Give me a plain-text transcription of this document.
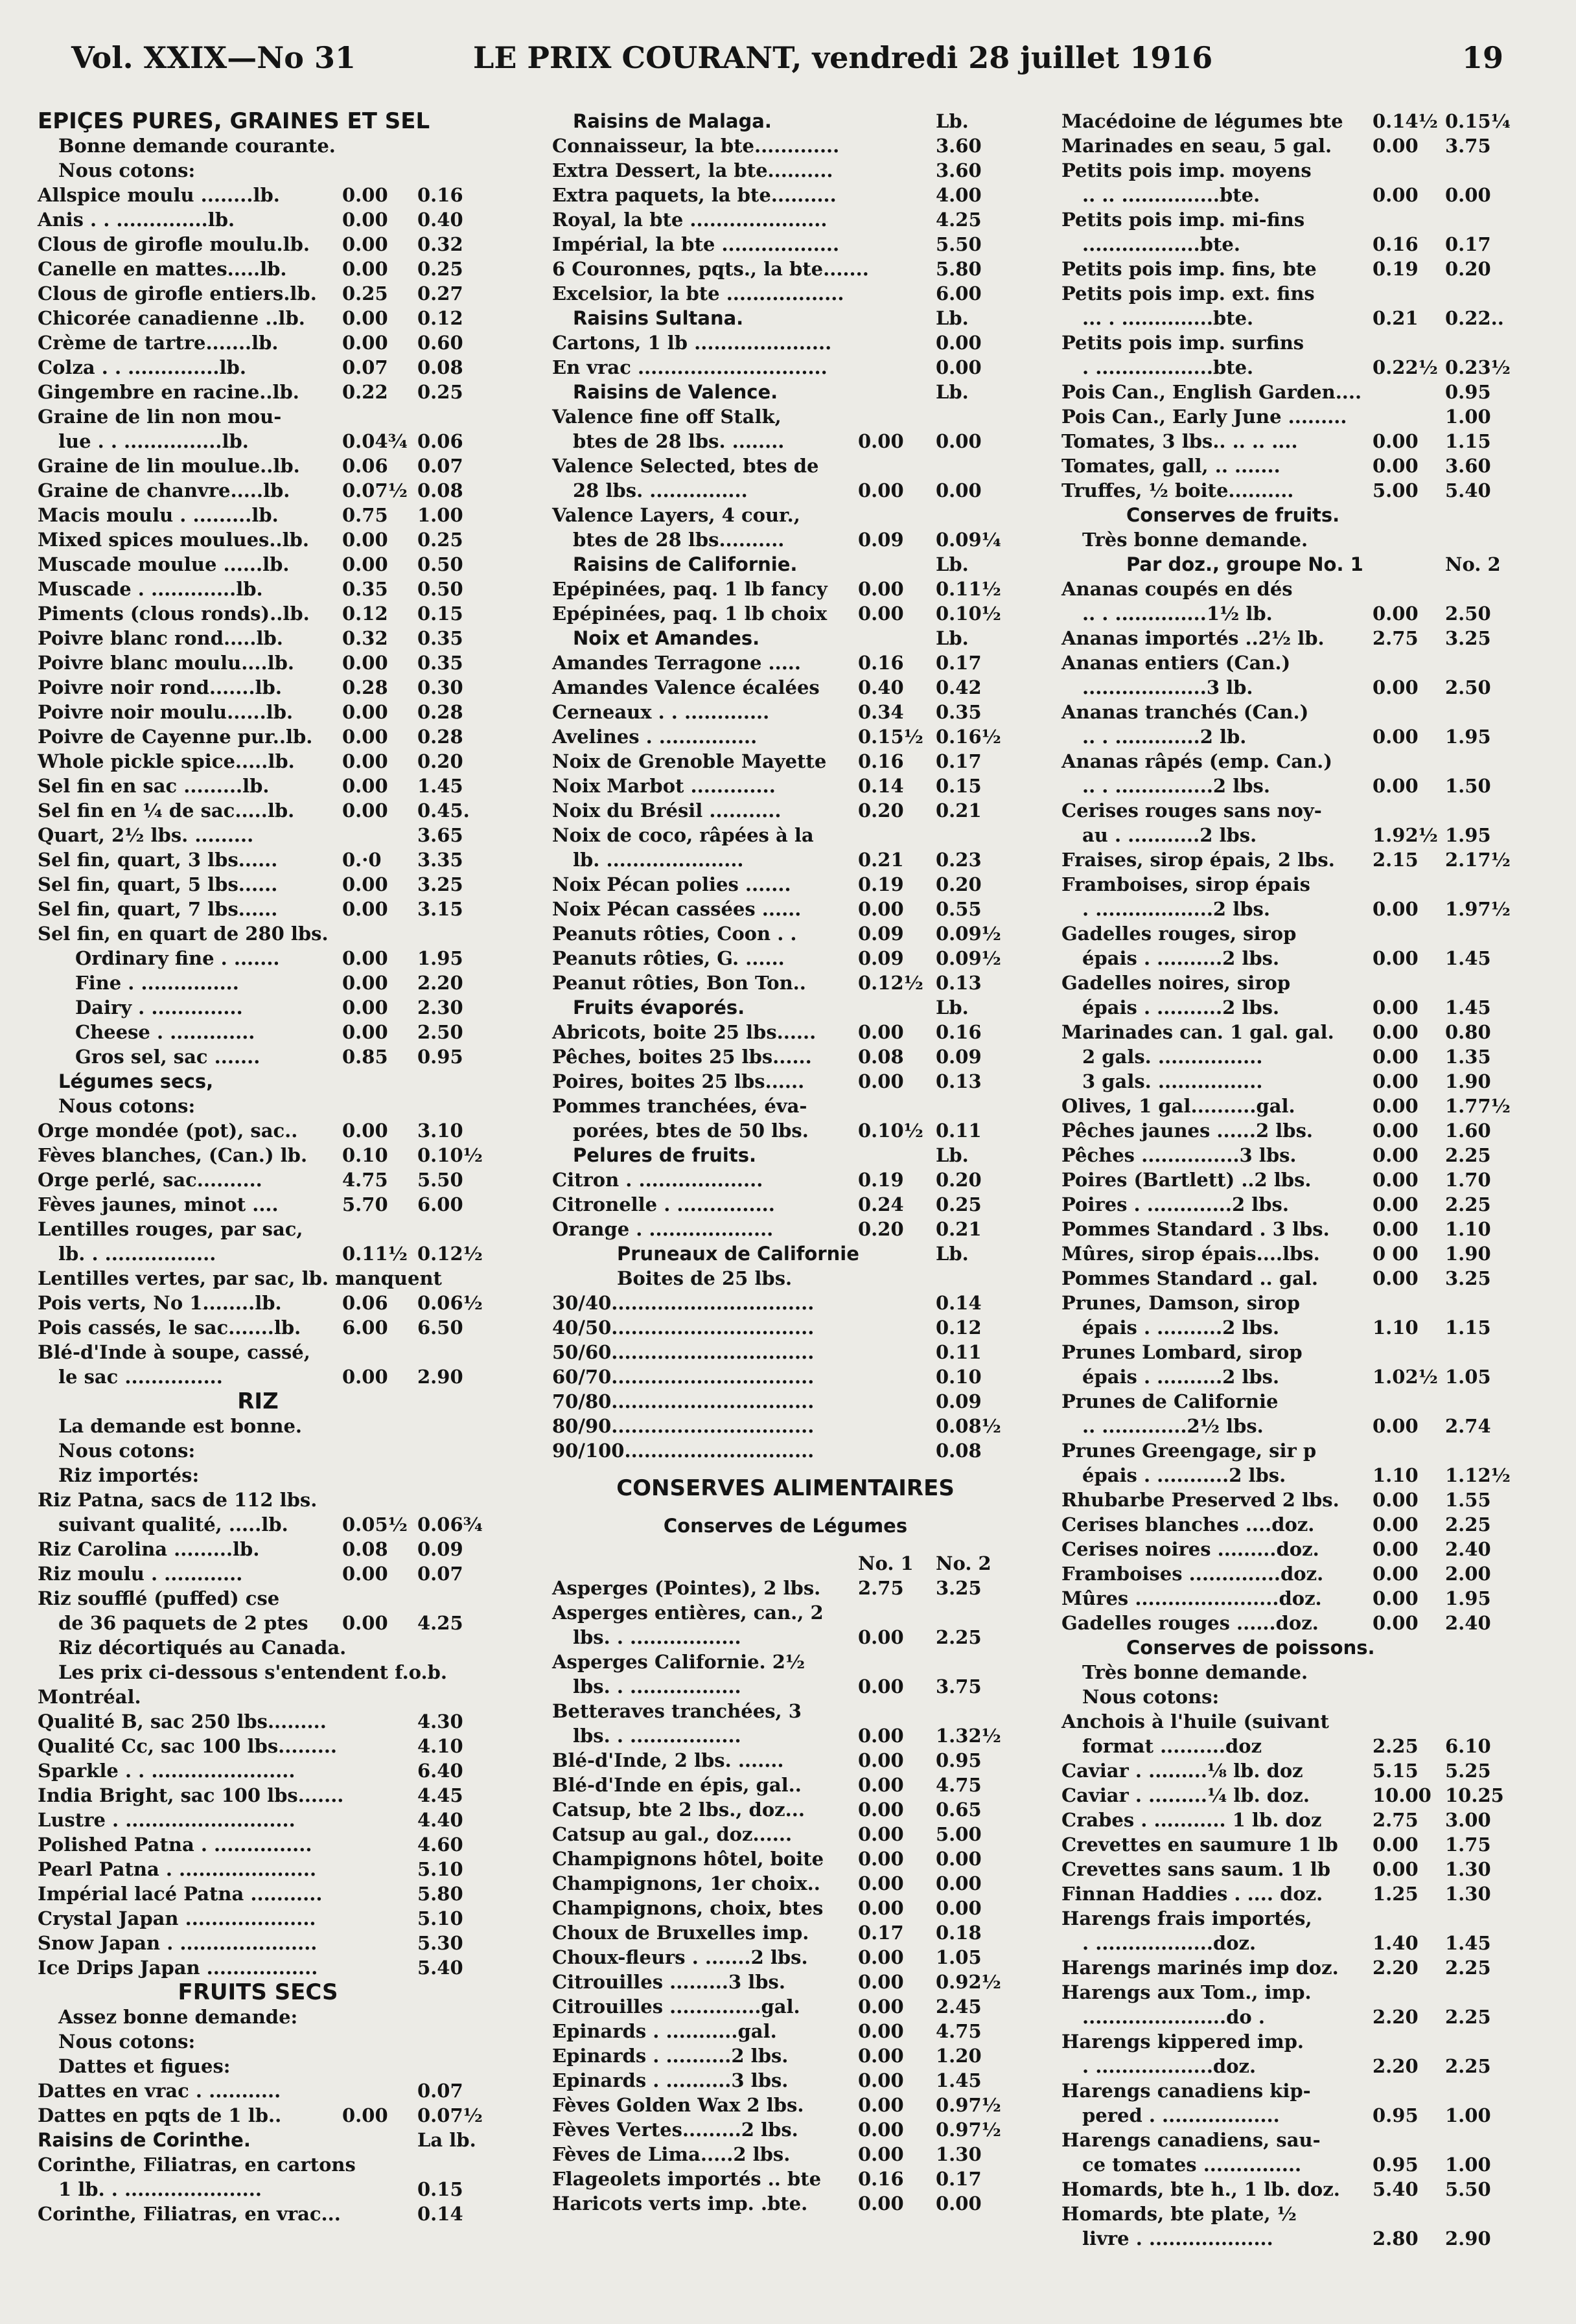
Vol. XXIX—No 31	LE PRIX COURANT, vendredi 28 juillet 1916	19
EPIÇES PURES, GRAINES ET SEL
Bonne demande courante.
Nous cotons:
Allspice moulu ........lb.	0.00 0.16
Anis . . ..............lb.	0.00 0.40
Clous de girofle moulu.lb. 0.00 0.32
Canelle en mattes.....lb.	0.00 0.25
Clous de girofle entiers.lb. 0.25 0.27
Chicorée canadienne ..lb. 0.00 0.12
Crème de tartre.......lb.	0.00 0.60
Colza . . ..............lb.	0.07 0.08
Gingembre en racine..lb. 0.22 0.25
Graine de lin non mou-
lue . . ...............lb.	0.04¾ 0.06
Graine de lin moulue..lb. 0.06 0.07
Graine de chanvre.....lb.	0.07½ 0.08
Macis moulu . .........lb.	0.75 1.00
Mixed spices moulues..lb. 0.00 0.25
Muscade moulue ......lb.	0.00 0.50
Muscade . .............lb.	0.35 0.50
Piments (clous ronds)..lb. 0.12 0.15
Poivre blanc rond.....lb.	0.32 0.35
Poivre blanc moulu....lb.	0.00 0.35
Poivre noir rond.......lb.	0.28 0.30
Poivre noir moulu......lb.	0.00 0.28
Poivre de Cayenne pur..lb. 0.00 0.28
Whole pickle spice.....lb.	0.00 0.20
Sel fin en sac .........lb.	0.00 1.45
Sel fin en ¼ de sac.....lb.	0.00 0.45.
Quart, 2½ lbs. .........	3.65
Sel fin, quart, 3 lbs......	0.·0 3.35
Sel fin, quart, 5 lbs......	0.00 3.25
Sel fin, quart, 7 lbs......	0.00 3.15
Sel fin, en quart de 280 lbs.
Ordinary fine . .......	0.00 1.95
Fine . ...............	0.00 2.20
Dairy . ..............	0.00 2.30
Cheese . .............	0.00 2.50
Gros sel, sac .......	0.85 0.95
Légumes secs,
Nous cotons:
Orge mondée (pot), sac.. 0.00 3.10
Fèves blanches, (Can.) lb. 0.10 0.10½
Orge perlé, sac..........	4.75 5.50
Fèves jaunes, minot ....	5.70 6.00
Lentilles rouges, par sac,
lb. . .................	0.11½ 0.12½
Lentilles vertes, par sac, lb. manquent
Pois verts, No 1........lb.	0.06 0.06½
Pois cassés, le sac.......lb. 6.00 6.50
Blé-d'Inde à soupe, cassé,
le sac ...............	0.00 2.90
RIZ
La demande est bonne.
Nous cotons:
Riz importés:
Riz Patna, sacs de 112 lbs.
suivant qualité, .....lb.	0.05½ 0.06¾
Riz Carolina .........lb.	0.08 0.09
Riz moulu . ............	0.00 0.07
Riz soufflé (puffed) cse
de 36 paquets de 2 ptes 0.00 4.25
Riz décortiqués au Canada.
Les prix ci-dessous s'entendent f.o.b.
Montréal.
Qualité B, sac 250 lbs.........	4.30
Qualité Cc, sac 100 lbs.........	4.10
Sparkle . . ......................	6.40
India Bright, sac 100 lbs.......	4.45
Lustre . ..........................	4.40
Polished Patna . ...............	4.60
Pearl Patna . .....................	5.10
Impérial lacé Patna ...........	5.80
Crystal Japan ....................	5.10
Snow Japan . .....................	5.30
Ice Drips Japan .................	5.40
FRUITS SECS
Assez bonne demande:
Nous cotons:
Dattes et figues:
Dattes en vrac . ...........	0.07
Dattes en pqts de 1 lb..	0.00 0.07½
Raisins de Corinthe.	La lb.
Corinthe, Filiatras, en cartons
1 lb. . .....................	0.15
Corinthe, Filiatras, en vrac...	0.14
Raisins de Malaga.	Lb.
Connaisseur, la bte.............	3.60
Extra Dessert, la bte..........	3.60
Extra paquets, la bte..........	4.00
Royal, la bte .....................	4.25
Impérial, la bte ..................	5.50
6 Couronnes, pqts., la bte.......	5.80
Excelsior, la bte ..................	6.00
Raisins Sultana.	Lb.
Cartons, 1 lb .....................	0.00
En vrac .............................	0.00
Raisins de Valence.	Lb.
Valence fine off Stalk,
btes de 28 lbs. ........	0.00 0.00
Valence Selected, btes de
28 lbs. ...............	0.00 0.00
Valence Layers, 4 cour.,
btes de 28 lbs..........	0.09 0.09¼
Raisins de Californie.	Lb.
Epépinées, paq. 1 lb fancy 0.00 0.11½
Epépinées, paq. 1 lb choix 0.00 0.10½
Noix et Amandes.	Lb.
Amandes Terragone .....	0.16 0.17
Amandes Valence écalées 0.40 0.42
Cerneaux . . .............	0.34 0.35
Avelines . ...............	0.15½ 0.16½
Noix de Grenoble Mayette 0.16 0.17
Noix Marbot .............	0.14 0.15
Noix du Brésil ...........	0.20 0.21
Noix de coco, râpées à la
lb. .....................	0.21 0.23
Noix Pécan polies .......	0.19 0.20
Noix Pécan cassées ......	0.00 0.55
Peanuts rôties, Coon . .	0.09 0.09½
Peanuts rôties, G. ......	0.09 0.09½
Peanut rôties, Bon Ton..	0.12½ 0.13
Fruits évaporés.	Lb.
Abricots, boite 25 lbs...... 0.00 0.16
Pêches, boites 25 lbs...... 0.08 0.09
Poires, boites 25 lbs......	0.00 0.13
Pommes tranchées, éva-
porées, btes de 50 lbs.	0.10½ 0.11
Pelures de fruits.	Lb.
Citron . ...................	0.19 0.20
Citronelle . ...............	0.24 0.25
Orange . ...................	0.20 0.21
Pruneaux de Californie	Lb.
Boites de 25 lbs.
30/40...............................	0.14
40/50...............................	0.12
50/60...............................	0.11
60/70...............................	0.10
70/80...............................	0.09
80/90...............................	0.08½
90/100.............................	0.08
CONSERVES ALIMENTAIRES
Conserves de Légumes
No. 1 No. 2
Asperges (Pointes), 2 lbs. 2.75 3.25
Asperges entières, can., 2
lbs. . .................	0.00 2.25
Asperges Californie. 2½
lbs. . .................	0.00 3.75
Betteraves tranchées, 3
lbs. . .................	0.00 1.32½
Blé-d'Inde, 2 lbs. .......	0.00 0.95
Blé-d'Inde en épis, gal..	0.00 4.75
Catsup, bte 2 lbs., doz...	0.00 0.65
Catsup au gal., doz......	0.00 5.00
Champignons hôtel, boite 0.00 0.00
Champignons, 1er choix.. 0.00 0.00
Champignons, choix, btes 0.00 0.00
Choux de Bruxelles imp.	0.17 0.18
Choux-fleurs . .......2 lbs.	0.00 1.05
Citrouilles .........3 lbs.	0.00 0.92½
Citrouilles ..............gal.	0.00 2.45
Epinards . ...........gal.	0.00 4.75
Epinards . ..........2 lbs.	0.00 1.20
Epinards . ..........3 lbs.	0.00 1.45
Fèves Golden Wax 2 lbs.	0.00 0.97½
Fèves Vertes.........2 lbs.	0.00 0.97½
Fèves de Lima.....2 lbs.	0.00 1.30
Flageolets importés .. bte 0.16 0.17
Haricots verts imp. .bte.	0.00 0.00
Macédoine de légumes bte 0.14½ 0.15¼
Marinades en seau, 5 gal. 0.00 3.75
Petits pois imp. moyens
.. .. ...............bte.	0.00 0.00
Petits pois imp. mi-fins
..................bte.	0.16 0.17
Petits pois imp. fins, bte	0.19 0.20
Petits pois imp. ext. fins
... . ..............bte.	0.21 0.22..
Petits pois imp. surfins
. ..................bte.	0.22½ 0.23½
Pois Can., English Garden....	0.95
Pois Can., Early June .........	1.00
Tomates, 3 lbs.. .. .. ....	0.00 1.15
Tomates, gall, .. .......	0.00 3.60
Truffes, ½ boite..........	5.00 5.40
Conserves de fruits.
Très bonne demande.
Par doz., groupe No. 1	No. 2
Ananas coupés en dés
.. . ..............1½ lb.	0.00 2.50
Ananas importés ..2½ lb.	2.75 3.25
Ananas entiers (Can.)
...................3 lb.	0.00 2.50
Ananas tranchés (Can.)
.. . .............2 lb.	0.00 1.95
Ananas râpés (emp. Can.)
.. . ...............2 lbs.	0.00 1.50
Cerises rouges sans noy-
au . ...........2 lbs.	1.92½ 1.95
Fraises, sirop épais, 2 lbs. 2.15 2.17½
Framboises, sirop épais
. ..................2 lbs.	0.00 1.97½
Gadelles rouges, sirop
épais . ..........2 lbs.	0.00 1.45
Gadelles noires, sirop
épais . ..........2 lbs.	0.00 1.45
Marinades can. 1 gal. gal. 0.00 0.80
2 gals. ................	0.00 1.35
3 gals. ................	0.00 1.90
Olives, 1 gal..........gal.	0.00 1.77½
Pêches jaunes ......2 lbs.	0.00 1.60
Pêches ...............3 lbs.	0.00 2.25
Poires (Bartlett) ..2 lbs.	0.00 1.70
Poires . .............2 lbs.	0.00 2.25
Pommes Standard . 3 lbs. 0.00 1.10
Mûres, sirop épais....lbs.	0 00 1.90
Pommes Standard .. gal.	0.00 3.25
Prunes, Damson, sirop
épais . ..........2 lbs.	1.10 1.15
Prunes Lombard, sirop
épais . ..........2 lbs.	1.02½ 1.05
Prunes de Californie
.. .............2½ lbs.	0.00 2.74
Prunes Greengage, sir p
épais . ...........2 lbs.	1.10 1.12½
Rhubarbe Preserved 2 lbs. 0.00 1.55
Cerises blanches ....doz.	0.00 2.25
Cerises noires .........doz.	0.00 2.40
Framboises ..............doz.	0.00 2.00
Mûres ......................doz.	0.00 1.95
Gadelles rouges ......doz.	0.00 2.40
Conserves de poissons.
Très bonne demande.
Nous cotons:
Anchois à l'huile (suivant
format ..........doz	2.25 6.10
Caviar . .........⅛ lb. doz	5.15 5.25
Caviar . .........¼ lb. doz.	10.00 10.25
Crabes . ........... 1 lb. doz	2.75 3.00
Crevettes en saumure 1 lb 0.00 1.75
Crevettes sans saum. 1 lb 0.00 1.30
Finnan Haddies . .... doz.	1.25 1.30
Harengs frais importés,
. ..................doz.	1.40 1.45
Harengs marinés imp doz. 2.20 2.25
Harengs aux Tom., imp.
......................do .	2.20 2.25
Harengs kippered imp.
. ..................doz.	2.20 2.25
Harengs canadiens kip-
pered . ..................	0.95 1.00
Harengs canadiens, sau-
ce tomates ...............	0.95 1.00
Homards, bte h., 1 lb. doz. 5.40 5.50
Homards, bte plate, ½
livre . ...................	2.80 2.90
